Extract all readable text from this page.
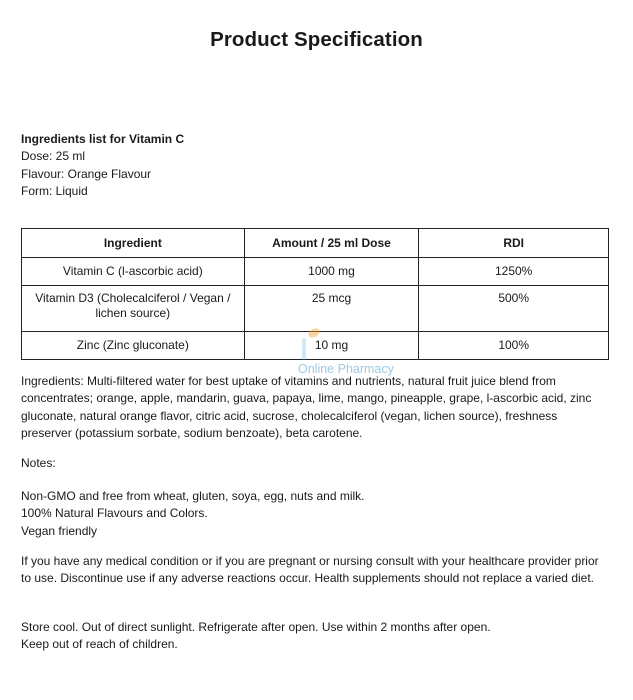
Product Specification
Ingredients list for Vitamin C
Dose: 25 ml
Flavour: Orange Flavour
Form: Liquid
Ingredient	Amount / 25 ml Dose	RDI
Vitamin C (l-ascorbic acid)	1000 mg	1250%
Vitamin D3 (Cholecalciferol / Vegan / lichen source)	25 mcg	500%
Zinc (Zinc gluconate)	10 mg	100%
Online Pharmacy
Ingredients: Multi-filtered water for best uptake of vitamins and nutrients, natural fruit juice blend from concentrates; orange, apple, mandarin, guava, papaya, lime, mango, pineapple, grape, l-ascorbic acid, zinc gluconate, natural orange flavor, citric acid, sucrose, cholecalciferol (vegan, lichen source), freshness preserver (potassium sorbate, sodium benzoate), beta carotene.
Notes:

Non-GMO and free from wheat, gluten, soya, egg, nuts and milk.

100% Natural Flavours and Colors.

Vegan friendly

If you have any medical condition or if you are pregnant or nursing consult with your healthcare provider prior to use. Discontinue use if any adverse reactions occur. Health supplements should not replace a varied diet.

Store cool. Out of direct sunlight. Refrigerate after open. Use within 2 months after open.

Keep out of reach of children.
